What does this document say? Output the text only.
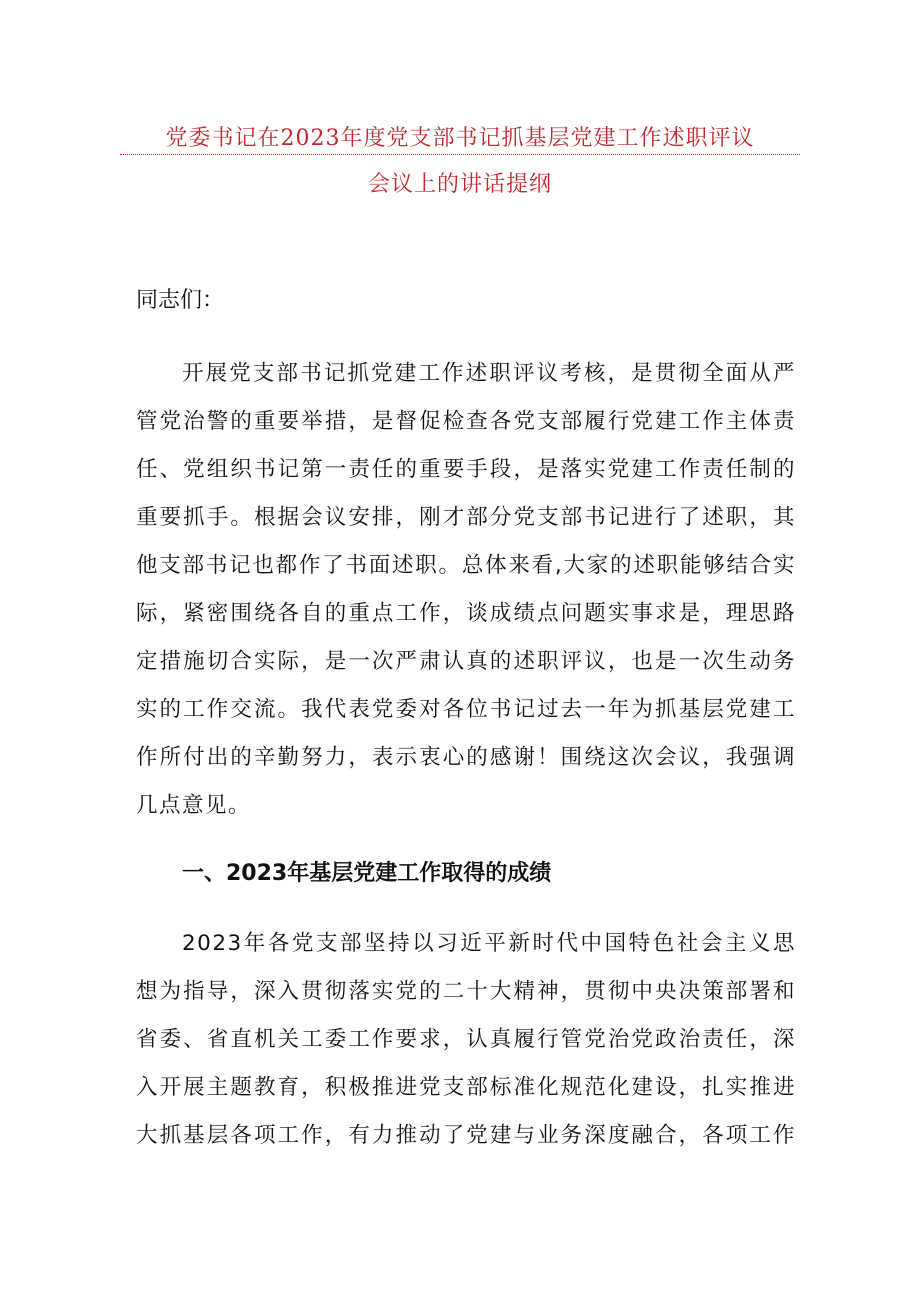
党委书记在2023年度党支部书记抓基层党建工作述职评议
会议上的讲话提纲
同志们：
开展党支部书记抓党建工作述职评议考核，是贯彻全面从严
管党治警的重要举措，是督促检查各党支部履行党建工作主体责
任、党组织书记第一责任的重要手段，是落实党建工作责任制的
重要抓手。根据会议安排，刚才部分党支部书记进行了述职，其
他支部书记也都作了书面述职。总体来看,大家的述职能够结合实
际，紧密围绕各自的重点工作，谈成绩点问题实事求是，理思路
定措施切合实际，是一次严肃认真的述职评议，也是一次生动务
实的工作交流。我代表党委对各位书记过去一年为抓基层党建工
作所付出的辛勤努力，表示衷心的感谢！围绕这次会议，我强调
几点意见。
一、2023年基层党建工作取得的成绩
2023年各党支部坚持以习近平新时代中国特色社会主义思
想为指导，深入贯彻落实党的二十大精神，贯彻中央决策部署和
省委、省直机关工委工作要求，认真履行管党治党政治责任，深
入开展主题教育，积极推进党支部标准化规范化建设，扎实推进
大抓基层各项工作，有力推动了党建与业务深度融合，各项工作
